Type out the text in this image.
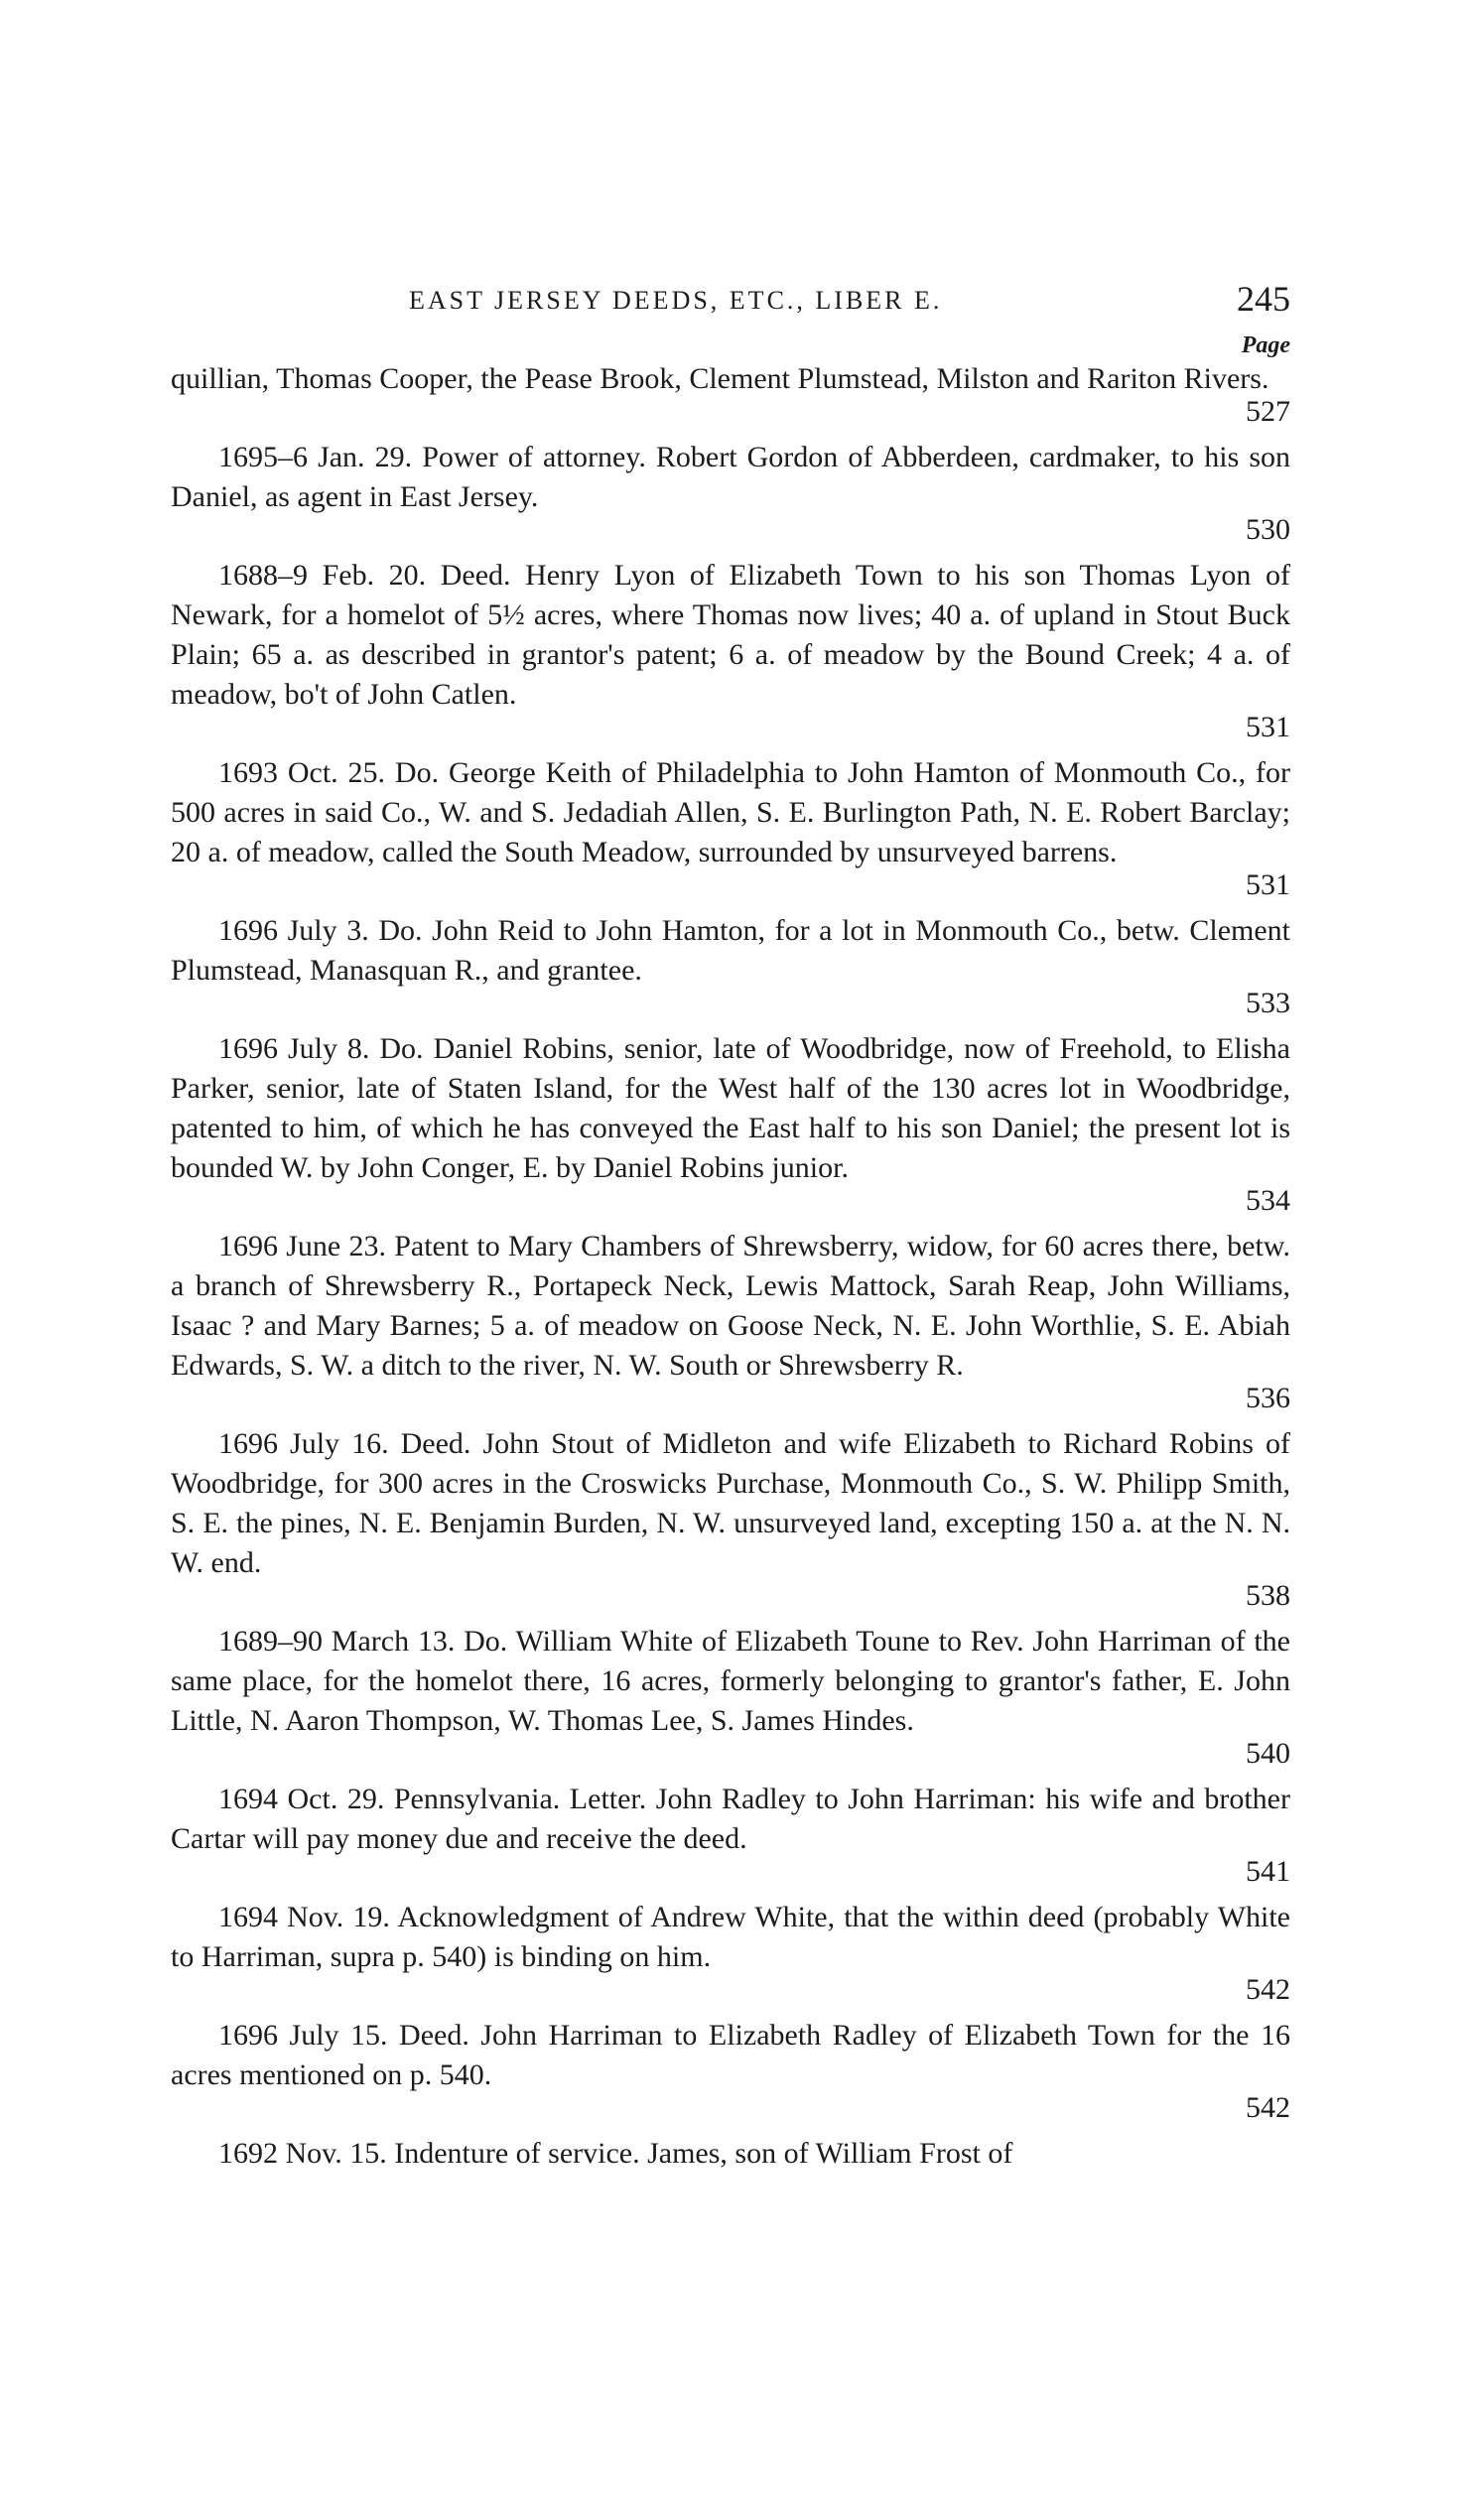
EAST JERSEY DEEDS, ETC., LIBER E.	245
Page
quillian, Thomas Cooper, the Pease Brook, Clement Plumstead, Milston and Rariton Rivers.
527
1695–6 Jan. 29. Power of attorney. Robert Gordon of Abberdeen, cardmaker, to his son Daniel, as agent in East Jersey.
530
1688–9 Feb. 20. Deed. Henry Lyon of Elizabeth Town to his son Thomas Lyon of Newark, for a homelot of 5½ acres, where Thomas now lives; 40 a. of upland in Stout Buck Plain; 65 a. as described in grantor's patent; 6 a. of meadow by the Bound Creek; 4 a. of meadow, bo't of John Catlen.
531
1693 Oct. 25. Do. George Keith of Philadelphia to John Hamton of Monmouth Co., for 500 acres in said Co., W. and S. Jedadiah Allen, S. E. Burlington Path, N. E. Robert Barclay; 20 a. of meadow, called the South Meadow, surrounded by unsurveyed barrens.
531
1696 July 3. Do. John Reid to John Hamton, for a lot in Monmouth Co., betw. Clement Plumstead, Manasquan R., and grantee.
533
1696 July 8. Do. Daniel Robins, senior, late of Woodbridge, now of Freehold, to Elisha Parker, senior, late of Staten Island, for the West half of the 130 acres lot in Woodbridge, patented to him, of which he has conveyed the East half to his son Daniel; the present lot is bounded W. by John Conger, E. by Daniel Robins junior.
534
1696 June 23. Patent to Mary Chambers of Shrewsberry, widow, for 60 acres there, betw. a branch of Shrewsberry R., Portapeck Neck, Lewis Mattock, Sarah Reap, John Williams, Isaac ? and Mary Barnes; 5 a. of meadow on Goose Neck, N. E. John Worthlie, S. E. Abiah Edwards, S. W. a ditch to the river, N. W. South or Shrewsberry R.
536
1696 July 16. Deed. John Stout of Midleton and wife Elizabeth to Richard Robins of Woodbridge, for 300 acres in the Croswicks Purchase, Monmouth Co., S. W. Philipp Smith, S. E. the pines, N. E. Benjamin Burden, N. W. unsurveyed land, excepting 150 a. at the N. N. W. end.
538
1689–90 March 13. Do. William White of Elizabeth Toune to Rev. John Harriman of the same place, for the homelot there, 16 acres, formerly belonging to grantor's father, E. John Little, N. Aaron Thompson, W. Thomas Lee, S. James Hindes.
540
1694 Oct. 29. Pennsylvania. Letter. John Radley to John Harriman: his wife and brother Cartar will pay money due and receive the deed.
541
1694 Nov. 19. Acknowledgment of Andrew White, that the within deed (probably White to Harriman, supra p. 540) is binding on him.
542
1696 July 15. Deed. John Harriman to Elizabeth Radley of Elizabeth Town for the 16 acres mentioned on p. 540.
542
1692 Nov. 15. Indenture of service. James, son of William Frost of
